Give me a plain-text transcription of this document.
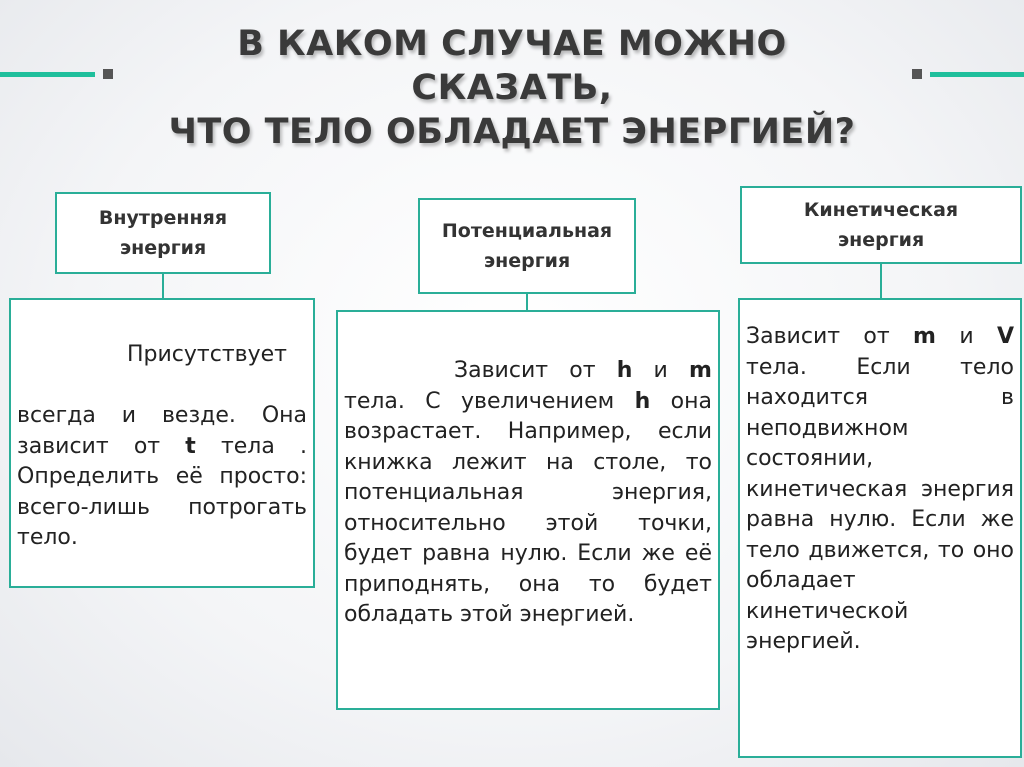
В КАКОМ СЛУЧАЕ МОЖНО СКАЗАТЬ,
ЧТО ТЕЛО ОБЛАДАЕТ ЭНЕРГИЕЙ?
Внутренняя
энергия

Присутствуетвсегда и везде. Она зависит от t тела . Определить её просто: всего-лишь потрогать тело.

Потенциальная
энергия

Зависит от h и m тела. С увеличением h она возрастает. Например, если книжка лежит на столе, то потенциальная энергия, относительно этой точки, будет равна нулю. Если же её приподнять, она то будет обладать этой энергией.

Кинетическая
энергия

Зависит от m и V тела. Если тело находится в неподвижном состоянии, кинетическая энергия равна нулю. Если же тело движется, то оно обладает кинетической энергией.
